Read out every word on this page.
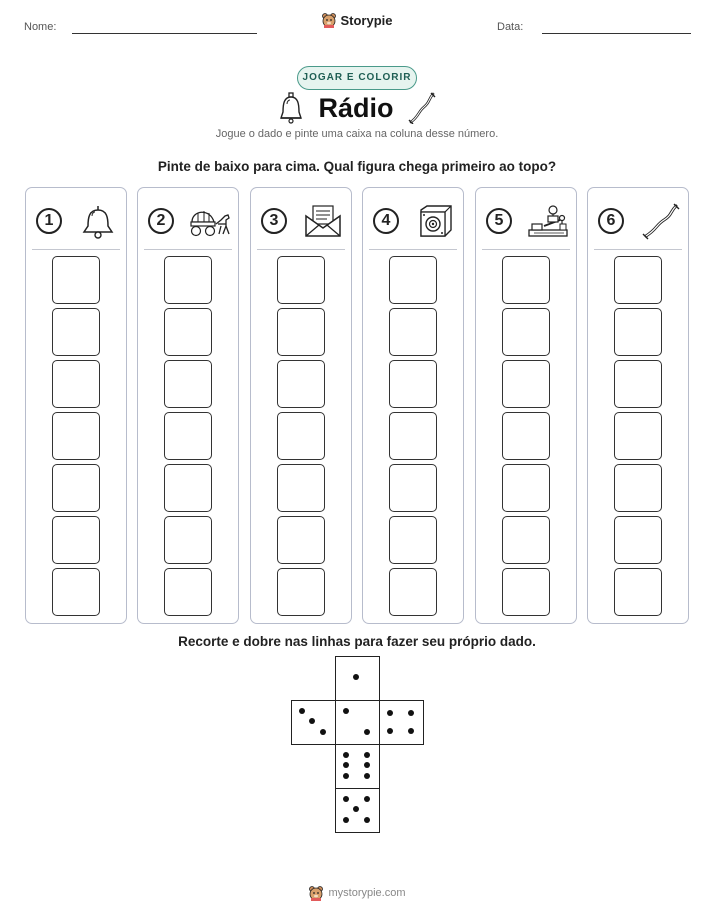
Nome:	Data:
Storypie
JOGAR E COLORIR
Rádio
Jogue o dado e pinte uma caixa na coluna desse número.
Pinte de baixo para cima. Qual figura chega primeiro ao topo?
1	2	3	4	5	6
Recorte e dobre nas linhas para fazer seu próprio dado.
mystorypie.com
